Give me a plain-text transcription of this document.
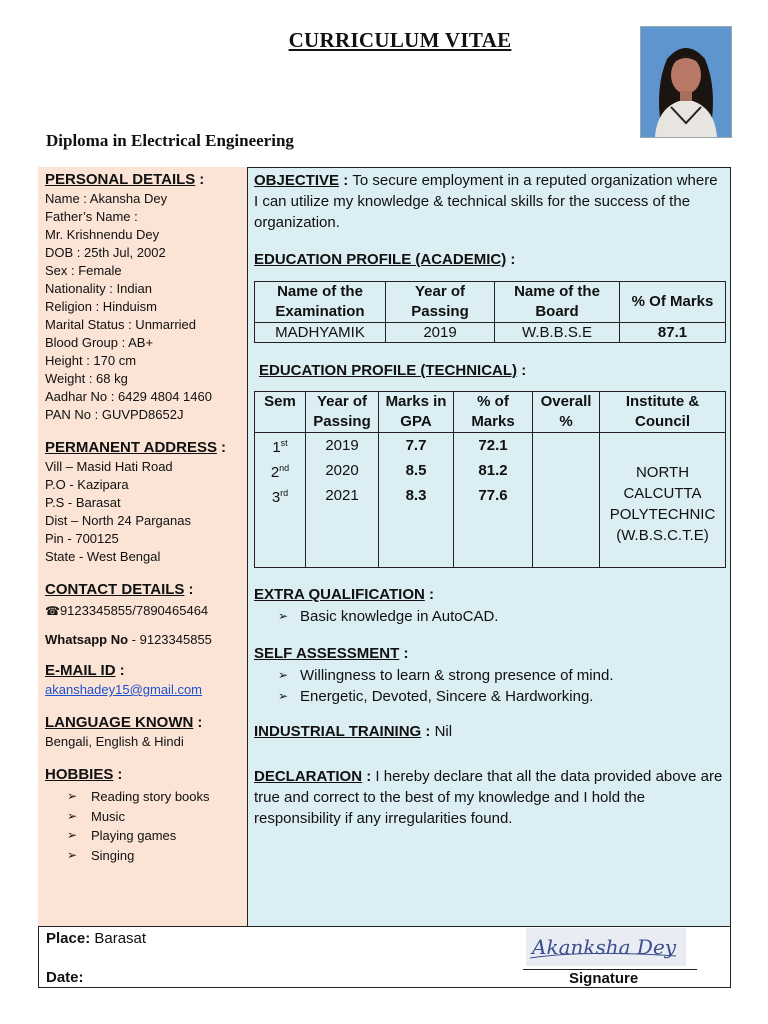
CURRICULUM VITAE
Diploma in Electrical Engineering
PERSONAL DETAILS:
Name : Akansha Dey
Father’s Name :
Mr. Krishnendu Dey
DOB : 25th Jul, 2002
Sex : Female
Nationality : Indian
Religion : Hinduism
Marital Status : Unmarried
Blood Group : AB+
Height : 170 cm
Weight : 68 kg
Aadhar No : 6429 4804 1460
PAN No : GUVPD8652J
PERMANENT ADDRESS:
Vill – Masid Hati Road
P.O - Kazipara
P.S - Barasat
Dist – North 24 Parganas
Pin - 700125
State - West Bengal
CONTACT DETAILS:
☎9123345855/7890465464
Whatsapp No - 9123345855
E-MAIL ID:
akanshadey15@gmail.com
LANGUAGE KNOWN:
Bengali, English & Hindi
HOBBIES:
➢	Reading story books
➢	Music
➢	Playing games
➢	Singing
OBJECTIVE : To secure employment in a reputed organization where I can utilize my knowledge & technical skills for the success of the organization.
EDUCATION PROFILE (ACADEMIC) :
Name of the Examination	Year of Passing	Name of the Board	% Of Marks
MADHYAMIK	2019	W.B.B.S.E	87.1
EDUCATION PROFILE (TECHNICAL) :
Sem	Year of Passing	Marks in GPA	% of Marks	Overall %	Institute & Council
1st	2019	7.7	72.1		NORTH
CALCUTTA
POLYTECHNIC
(W.B.S.C.T.E)

2nd	2020	8.5	81.2		
3rd	2021	8.3	77.6		

EXTRA QUALIFICATION :
➢ Basic knowledge in AutoCAD.
SELF ASSESSMENT :
➢ Willingness to learn & strong presence of mind.
➢ Energetic, Devoted, Sincere & Hardworking.
INDUSTRIAL TRAINING : Nil
DECLARATION : I hereby declare that all the data provided above are true and correct to the best of my knowledge and I hold the responsibility if any irregularities found.
Place: Barasat
Date:
Akanksha Dey
Signature
